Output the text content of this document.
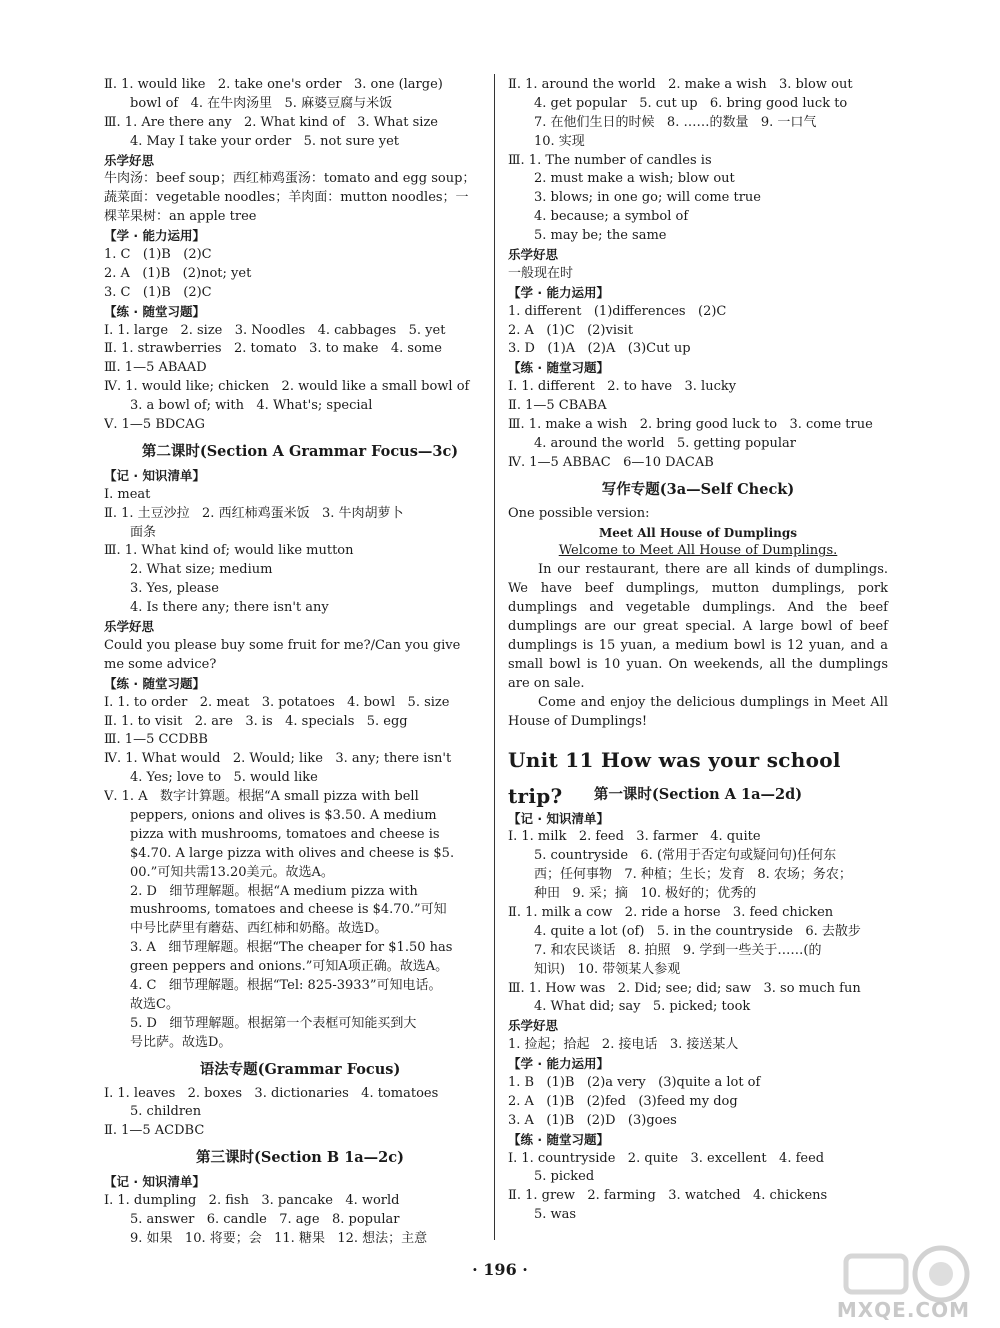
Ⅱ. 1. would like   2. take one's order   3. one (large)
bowl of   4. 在牛肉汤里   5. 麻婆豆腐与米饭
Ⅲ. 1. Are there any   2. What kind of   3. What size
4. May I take your order   5. not sure yet
乐学好思
牛肉汤：beef soup；西红柿鸡蛋汤：tomato and egg soup；
蔬菜面：vegetable noodles；羊肉面：mutton noodles；一
棵苹果树：an apple tree
【学 · 能力运用】
1. C   (1)B   (2)C
2. A   (1)B   (2)not; yet
3. C   (1)B   (2)C
【练 · 随堂习题】
Ⅰ. 1. large   2. size   3. Noodles   4. cabbages   5. yet
Ⅱ. 1. strawberries   2. tomato   3. to make   4. some
Ⅲ. 1—5 ABAAD
Ⅳ. 1. would like; chicken   2. would like a small bowl of
3. a bowl of; with   4. What's; special
Ⅴ. 1—5 BDCAG
第二课时(Section A Grammar Focus—3c)
【记 · 知识清单】
Ⅰ. meat
Ⅱ. 1. 土豆沙拉   2. 西红柿鸡蛋米饭   3. 牛肉胡萝卜
面条
Ⅲ. 1. What kind of; would like mutton
2. What size; medium
3. Yes, please
4. Is there any; there isn't any
乐学好思
Could you please buy some fruit for me?/Can you give
me some advice?
【练 · 随堂习题】
Ⅰ. 1. to order   2. meat   3. potatoes   4. bowl   5. size
Ⅱ. 1. to visit   2. are   3. is   4. specials   5. egg
Ⅲ. 1—5 CCDBB
Ⅳ. 1. What would   2. Would; like   3. any; there isn't
4. Yes; love to   5. would like
Ⅴ. 1. A   数字计算题。根据“A small pizza with bell
peppers, onions and olives is $3.50. A medium
pizza with mushrooms, tomatoes and cheese is
$4.70. A large pizza with olives and cheese is $5.
00.”可知共需13.20美元。故选A。
2. D   细节理解题。根据“A medium pizza with
mushrooms, tomatoes and cheese is $4.70.”可知
中号比萨里有蘑菇、西红柿和奶酪。故选D。
3. A   细节理解题。根据“The cheaper for $1.50 has
green peppers and onions.”可知A项正确。故选A。
4. C   细节理解题。根据“Tel: 825-3933”可知电话。
故选C。
5. D   细节理解题。根据第一个表框可知能买到大
号比萨。故选D。
语法专题(Grammar Focus)
Ⅰ. 1. leaves   2. boxes   3. dictionaries   4. tomatoes
5. children
Ⅱ. 1—5 ACDBC
第三课时(Section B 1a—2c)
【记 · 知识清单】
Ⅰ. 1. dumpling   2. fish   3. pancake   4. world
5. answer   6. candle   7. age   8. popular
9. 如果   10. 将要；会   11. 糖果   12. 想法；主意
Ⅱ. 1. around the world   2. make a wish   3. blow out
4. get popular   5. cut up   6. bring good luck to
7. 在他们生日的时候   8. ……的数量   9. 一口气
10. 实现
Ⅲ. 1. The number of candles is
2. must make a wish; blow out
3. blows; in one go; will come true
4. because; a symbol of
5. may be; the same
乐学好思
一般现在时
【学 · 能力运用】
1. different   (1)differences   (2)C
2. A   (1)C   (2)visit
3. D   (1)A   (2)A   (3)Cut up
【练 · 随堂习题】
Ⅰ. 1. different   2. to have   3. lucky
Ⅱ. 1—5 CBABA
Ⅲ. 1. make a wish   2. bring good luck to   3. come true
4. around the world   5. getting popular
Ⅳ. 1—5 ABBAC   6—10 DACAB
写作专题(3a—Self Check)
One possible version:
Meet All House of Dumplings
Welcome to Meet All House of Dumplings.
In our restaurant, there are all kinds of dumplings. We have beef dumplings, mutton dumplings, pork dumplings and vegetable dumplings. And the beef dumplings are our great special. A large bowl of beef dumplings is 15 yuan, a medium bowl is 12 yuan, and a small bowl is 10 yuan. On weekends, all the dumplings are on sale.
Come and enjoy the delicious dumplings in Meet All House of Dumplings!
Unit 11 How was your school trip?	第一课时(Section A 1a—2d)
【记 · 知识清单】
Ⅰ. 1. milk   2. feed   3. farmer   4. quite
5. countryside   6. (常用于否定句或疑问句)任何东
西；任何事物   7. 种植；生长；发育   8. 农场；务农；
种田   9. 采；摘   10. 极好的；优秀的
Ⅱ. 1. milk a cow   2. ride a horse   3. feed chicken
4. quite a lot (of)   5. in the countryside   6. 去散步
7. 和农民谈话   8. 拍照   9. 学到一些关于……(的
知识)   10. 带领某人参观
Ⅲ. 1. How was   2. Did; see; did; saw   3. so much fun
4. What did; say   5. picked; took
乐学好思
1. 捡起；拾起   2. 接电话   3. 接送某人
【学 · 能力运用】
1. B   (1)B   (2)a very   (3)quite a lot of
2. A   (1)B   (2)fed   (3)feed my dog
3. A   (1)B   (2)D   (3)goes
【练 · 随堂习题】
Ⅰ. 1. countryside   2. quite   3. excellent   4. feed
5. picked
Ⅱ. 1. grew   2. farming   3. watched   4. chickens
5. was
· 196 ·
MXQE.COM
